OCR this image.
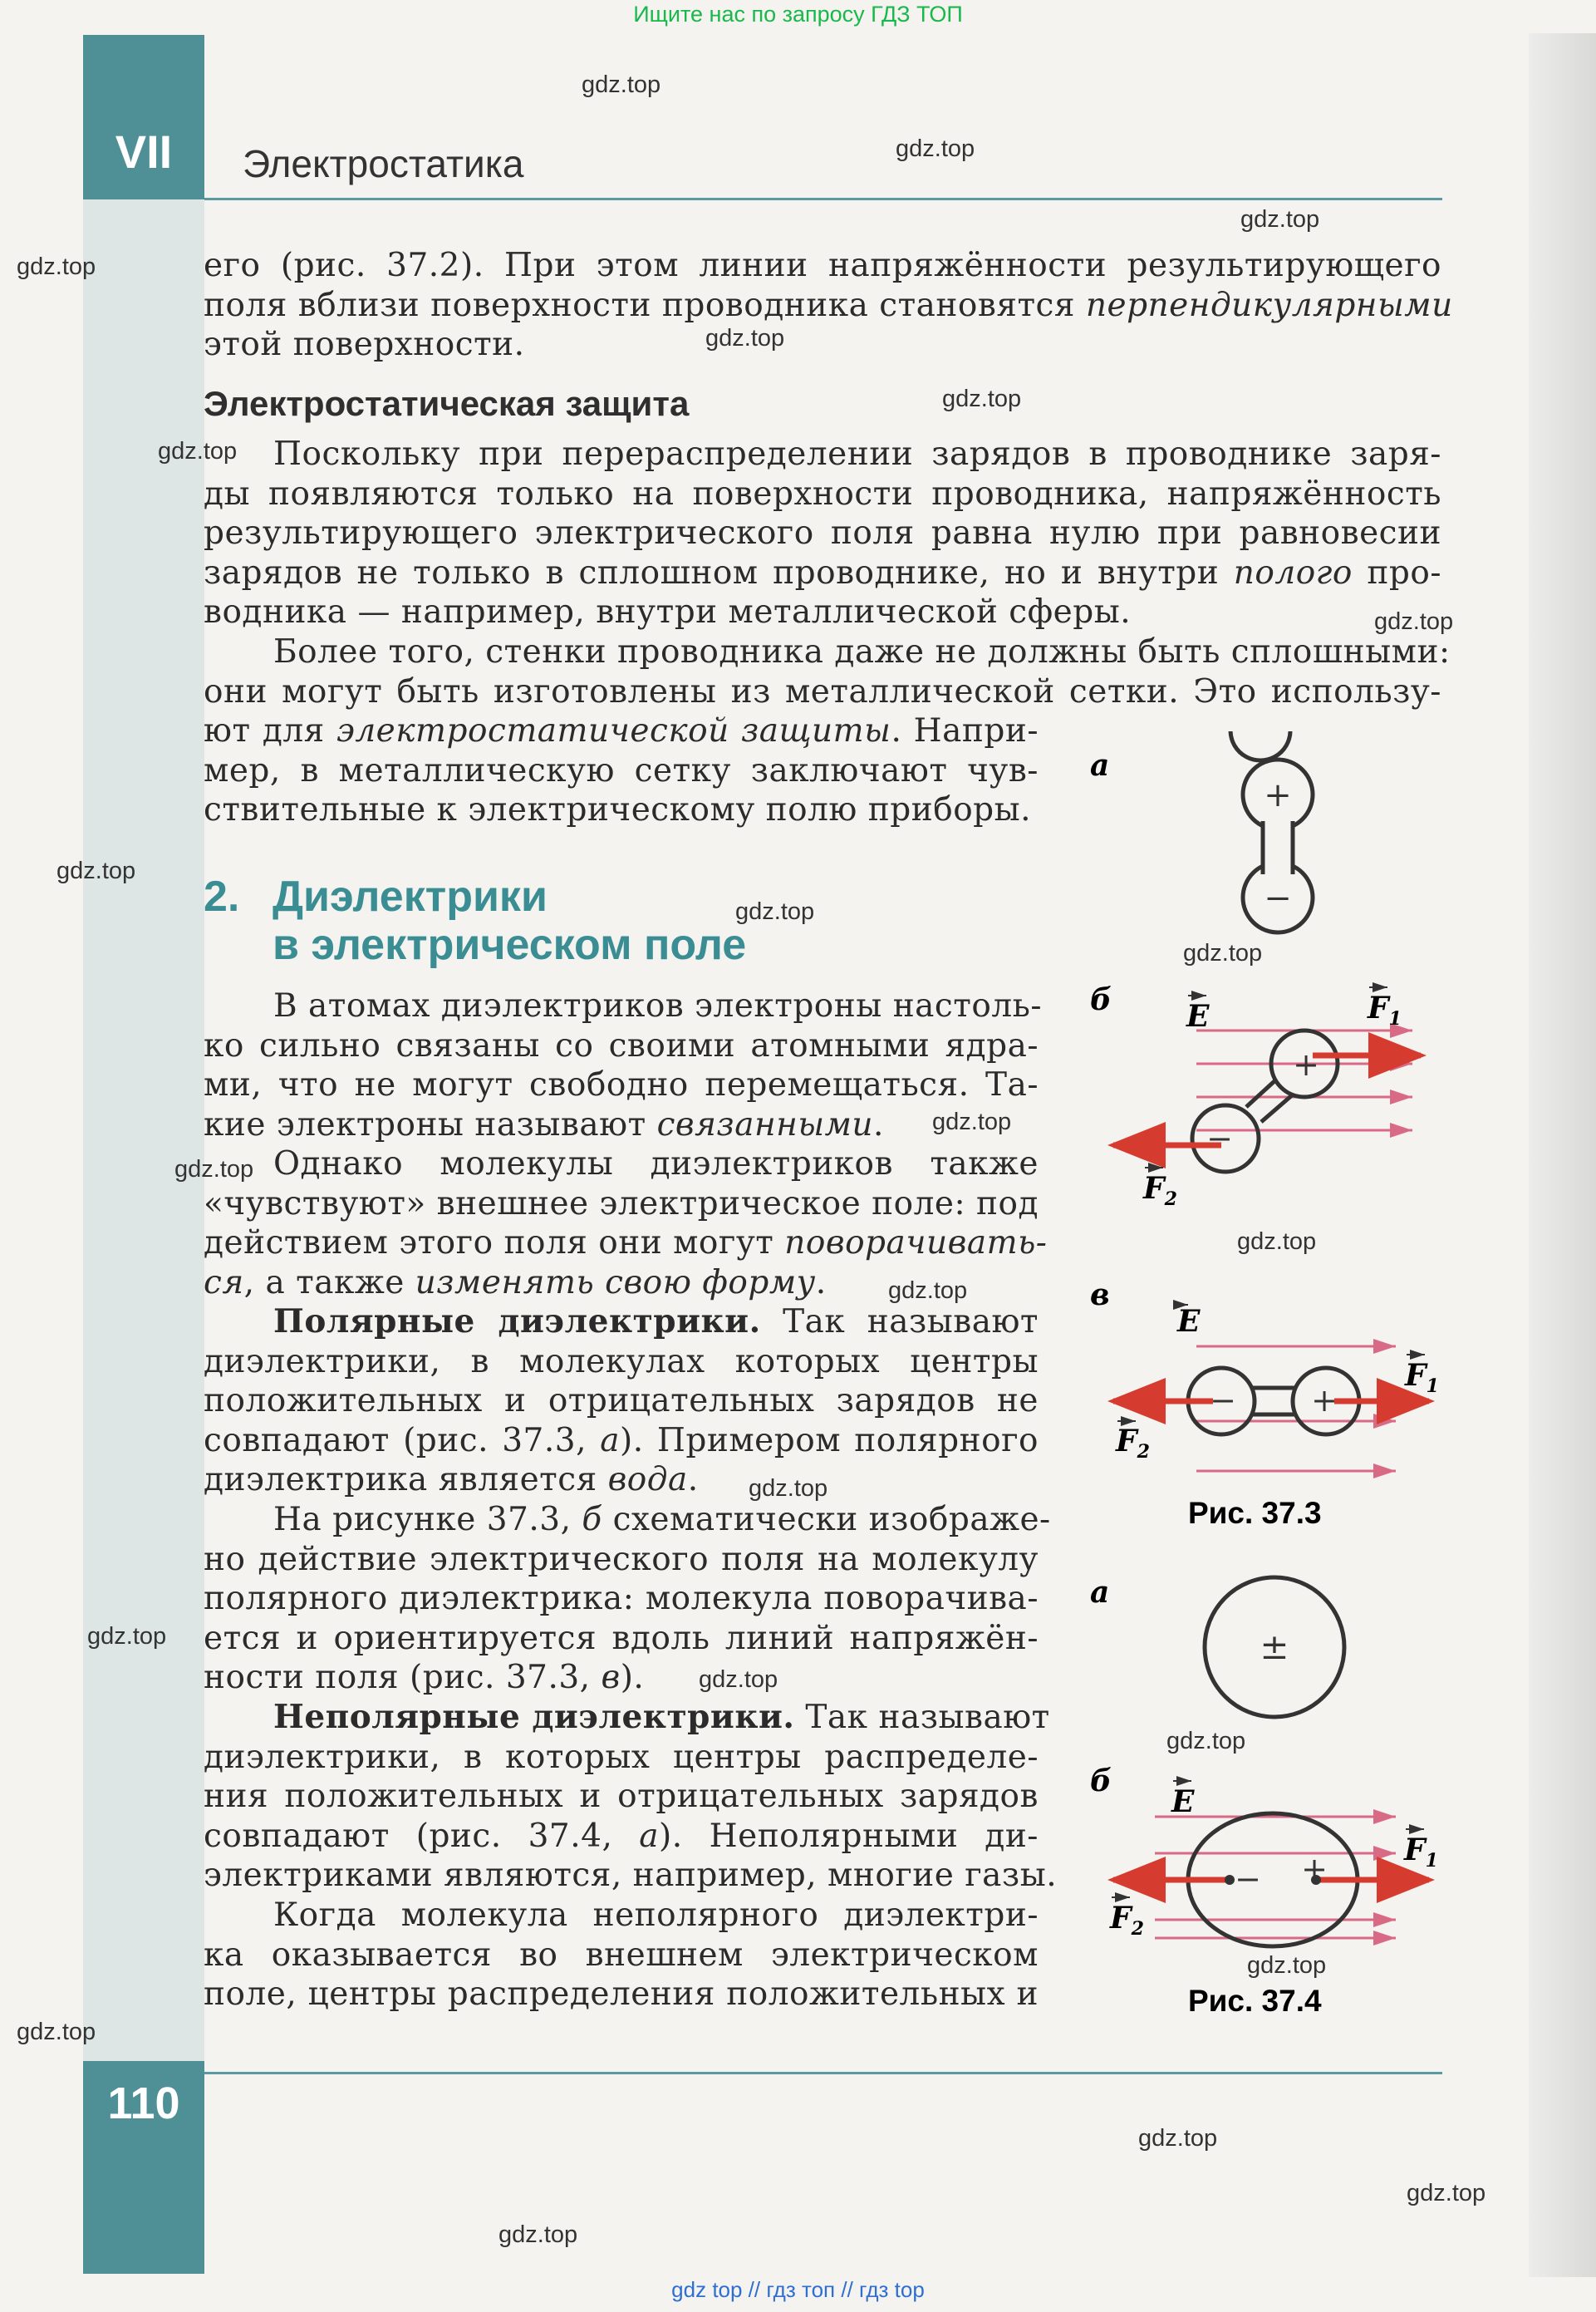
VII	Электростатика
110
Ищите нас по запросу ГДЗ ТОП
gdz top // гдз топ // гдз top
gdz.top
gdz.top
gdz.top
gdz.top
gdz.top
gdz.top
gdz.top
gdz.top
gdz.top
gdz.top
gdz.top
gdz.top
gdz.top
gdz.top
gdz.top
gdz.top
gdz.top
gdz.top
gdz.top
gdz.top
gdz.top
gdz.top
gdz.top
gdz.top
его (рис. 37.2). При этом линии напряжённости результирующего
поля вблизи поверхности проводника становятся перпендикулярными
этой поверхности.
Электростатическая защита
Поскольку при перераспределении зарядов в проводнике заря-
ды появляются только на поверхности проводника, напряжённость
результирующего электрического поля равна нулю при равновесии
зарядов не только в сплошном проводнике, но и внутри полого про-
водника — например, внутри металлической сферы.
Более того, стенки проводника даже не должны быть сплошными:
они могут быть изготовлены из металлической сетки. Это использу-
ют для электростатической защиты. Напри-
мер, в металлическую сетку заключают чув-
ствительные к электрическому полю приборы.
2. Диэлектрики
в электрическом поле
В атомах диэлектриков электроны настоль-
ко сильно связаны со своими атомными ядра-
ми, что не могут свободно перемещаться. Та-
кие электроны называют связанными.
Однако молекулы диэлектриков также
«чувствуют» внешнее электрическое поле: под
действием этого поля они могут поворачивать-
ся, а также изменять свою форму.
Полярные диэлектрики. Так называют
диэлектрики, в молекулах которых центры
положительных и отрицательных зарядов не
совпадают (рис. 37.3, а). Примером полярного
диэлектрика является вода.
На рисунке 37.3, б схематически изображе-
но действие электрического поля на молекулу
полярного диэлектрика: молекула поворачива-
ется и ориентируется вдоль линий напряжён-
ности поля (рис. 37.3, в).
Неполярные диэлектрики. Так называют
диэлектрики, в которых центры распределе-
ния положительных и отрицательных зарядов
совпадают (рис. 37.4, а). Неполярными ди-
электриками являются, например, многие газы.
Когда молекула неполярного диэлектри-
ка оказывается во внешнем электрическом
поле, центры распределения положительных и
а
+
−
б
+
−
E	$F_1$
$F_2$
в
E
− +
$F_1$
$F_2$
Рис. 37.3
а
±
б
E
− +
$F_1$
$F_2$
Рис. 37.4
